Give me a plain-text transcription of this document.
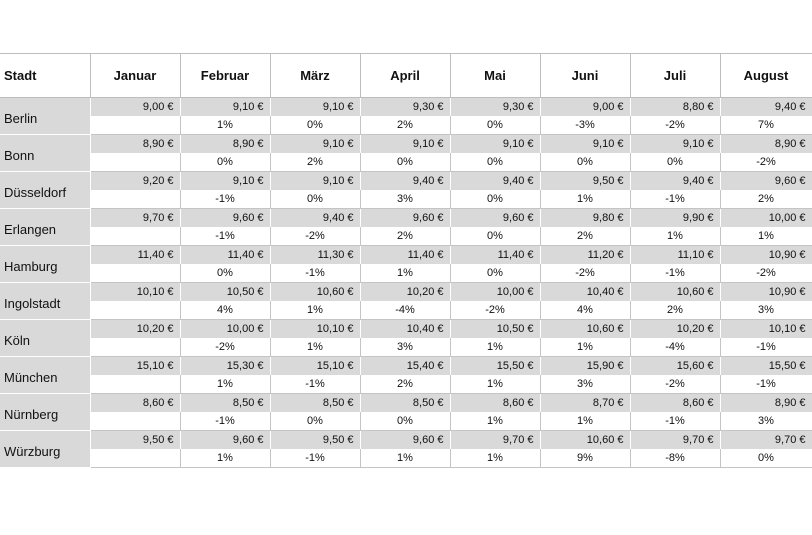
Stadt	Januar	Februar	März	April	Mai	Juni	Juli	August
Berlin	9,00 €	9,10 €	9,10 €	9,30 €	9,30 €	9,00 €	8,80 €	9,40 €
		1%	0%	2%	0%	-3%	-2%	7%
Bonn	8,90 €	8,90 €	9,10 €	9,10 €	9,10 €	9,10 €	9,10 €	8,90 €
		0%	2%	0%	0%	0%	0%	-2%
Düsseldorf	9,20 €	9,10 €	9,10 €	9,40 €	9,40 €	9,50 €	9,40 €	9,60 €
		-1%	0%	3%	0%	1%	-1%	2%
Erlangen	9,70 €	9,60 €	9,40 €	9,60 €	9,60 €	9,80 €	9,90 €	10,00 €
		-1%	-2%	2%	0%	2%	1%	1%
Hamburg	11,40 €	11,40 €	11,30 €	11,40 €	11,40 €	11,20 €	11,10 €	10,90 €
		0%	-1%	1%	0%	-2%	-1%	-2%
Ingolstadt	10,10 €	10,50 €	10,60 €	10,20 €	10,00 €	10,40 €	10,60 €	10,90 €
		4%	1%	-4%	-2%	4%	2%	3%
Köln	10,20 €	10,00 €	10,10 €	10,40 €	10,50 €	10,60 €	10,20 €	10,10 €
		-2%	1%	3%	1%	1%	-4%	-1%
München	15,10 €	15,30 €	15,10 €	15,40 €	15,50 €	15,90 €	15,60 €	15,50 €
		1%	-1%	2%	1%	3%	-2%	-1%
Nürnberg	8,60 €	8,50 €	8,50 €	8,50 €	8,60 €	8,70 €	8,60 €	8,90 €
		-1%	0%	0%	1%	1%	-1%	3%
Würzburg	9,50 €	9,60 €	9,50 €	9,60 €	9,70 €	10,60 €	9,70 €	9,70 €
		1%	-1%	1%	1%	9%	-8%	0%
